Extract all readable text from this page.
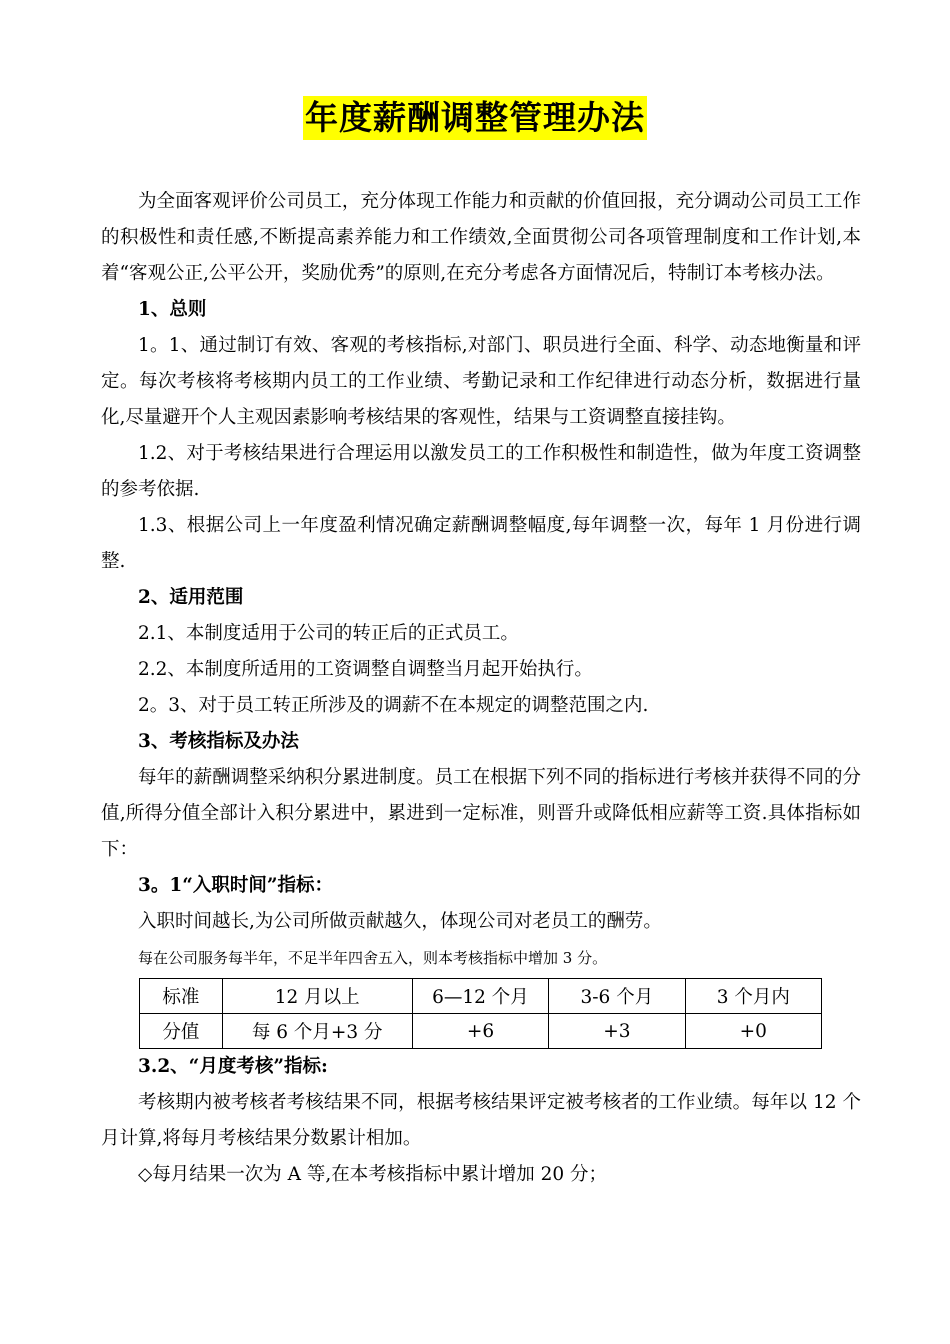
年度薪酬调整管理办法

为全面客观评价公司员工，充分体现工作能力和贡献的价值回报，充分调动公司员工工作的积极性和责任感,不断提高素养能力和工作绩效,全面贯彻公司各项管理制度和工作计划,本着“客观公正,公平公开，奖励优秀”的原则,在充分考虑各方面情况后，特制订本考核办法。

1、总则

1。1、通过制订有效、客观的考核指标,对部门、职员进行全面、科学、动态地衡量和评定。每次考核将考核期内员工的工作业绩、考勤记录和工作纪律进行动态分析，数据进行量化,尽量避开个人主观因素影响考核结果的客观性，结果与工资调整直接挂钩。

1.2、对于考核结果进行合理运用以激发员工的工作积极性和制造性，做为年度工资调整的参考依据.

1.3、根据公司上一年度盈利情况确定薪酬调整幅度,每年调整一次，每年 1 月份进行调整.

2、适用范围

2.1、本制度适用于公司的转正后的正式员工。

2.2、本制度所适用的工资调整自调整当月起开始执行。

2。3、对于员工转正所涉及的调薪不在本规定的调整范围之内.

3、考核指标及办法

每年的薪酬调整采纳积分累进制度。员工在根据下列不同的指标进行考核并获得不同的分值,所得分值全部计入积分累进中，累进到一定标准，则晋升或降低相应薪等工资.具体指标如下：

3。1“入职时间”指标：

入职时间越长,为公司所做贡献越久，体现公司对老员工的酬劳。

每在公司服务每半年，不足半年四舍五入，则本考核指标中增加 3 分。

标准	12 月以上	6—12 个月	3-6 个月	3 个月内
分值	每 6 个月+3 分	+6	+3	+0

3.2、“月度考核”指标:

考核期内被考核者考核结果不同，根据考核结果评定被考核者的工作业绩。每年以 12 个月计算,将每月考核结果分数累计相加。

◇每月结果一次为 A 等,在本考核指标中累计增加 20 分；
